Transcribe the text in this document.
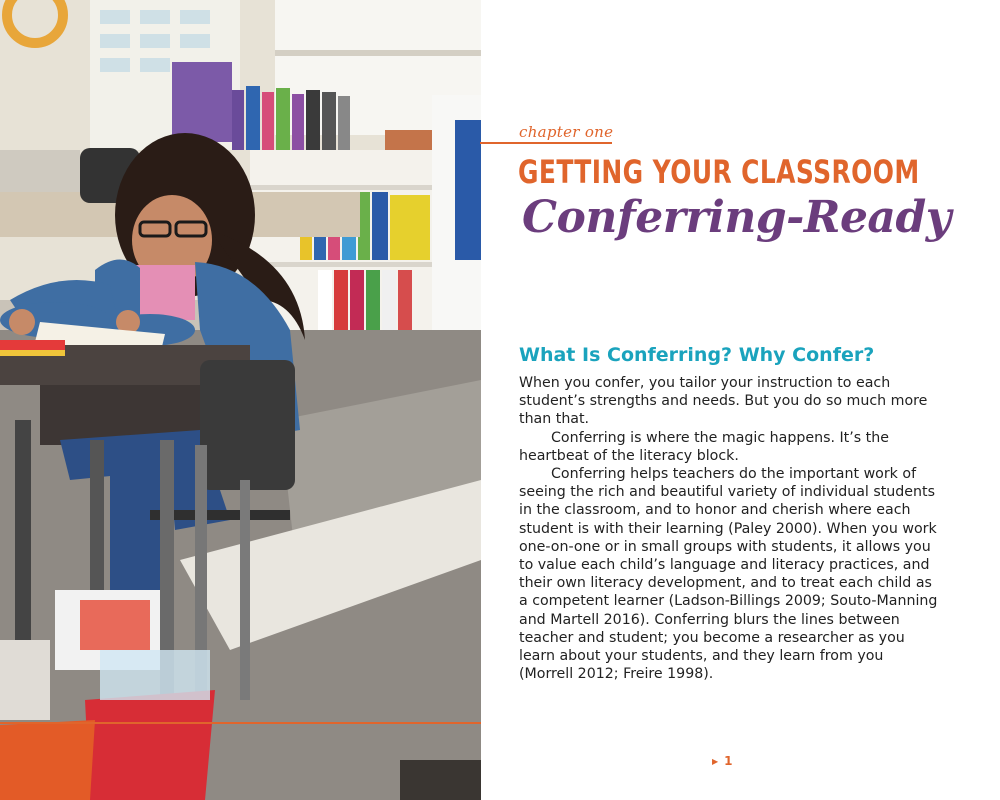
chapter one
GETTING YOUR CLASSROOM
Conferring-Ready
What Is Conferring? Why Confer?

When you confer, you tailor your instruction to each student’s strengths and needs. But you do so much more than that.

Conferring is where the magic happens. It’s the heartbeat of the literacy block.

Conferring helps teachers do the important work of seeing the rich and beautiful variety of individual students in the classroom, and to honor and cherish where each student is with their learning (Paley 2000). When you work one-on-one or in small groups with students, it allows you to value each child’s language and literacy practices, and their own literacy development, and to treat each child as a competent learner (Ladson-Billings 2009; Souto-Manning and Martell 2016). Conferring blurs the lines between teacher and student; you become a researcher as you learn about your students, and they learn from you (Morrell 2012; Freire 1998).

▶ 1
